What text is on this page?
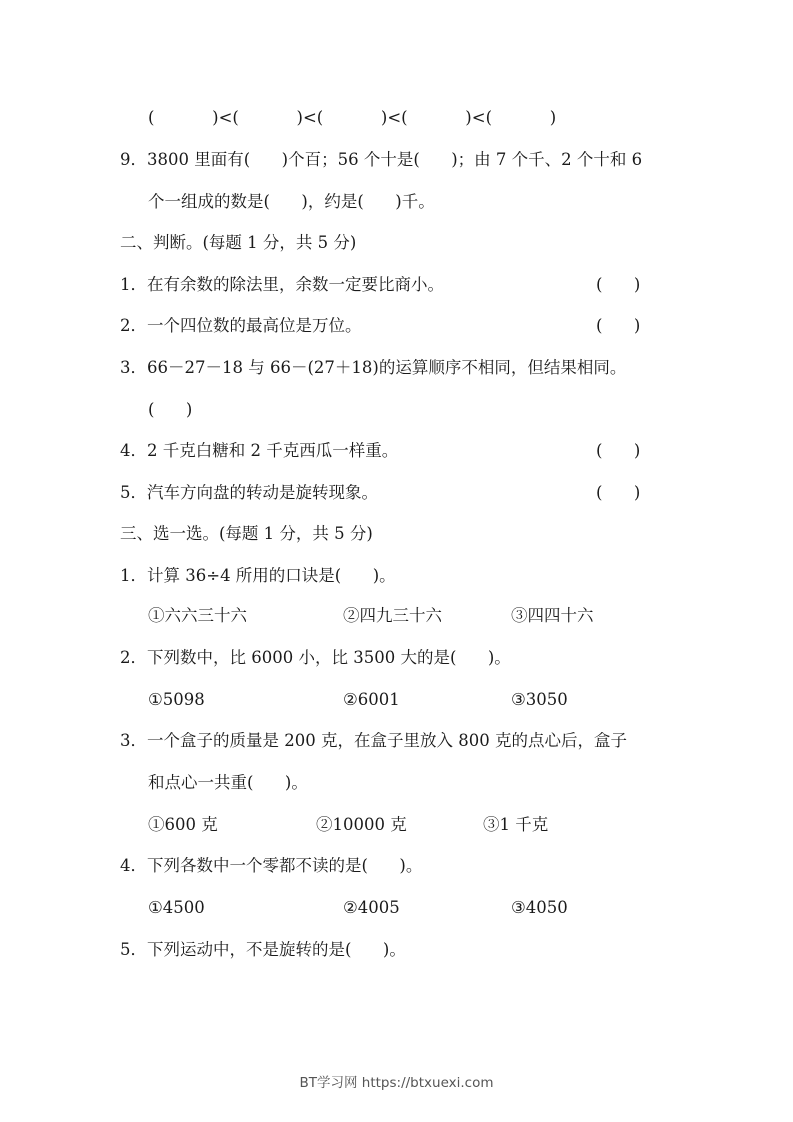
(           )<(           )<(           )<(           )<(           )
9．3800 里面有(      )个百；56 个十是(      )；由 7 个千、2 个十和 6
个一组成的数是(      )，约是(      )千。
二、判断。(每题 1 分，共 5 分)
1．在有余数的除法里，余数一定要比商小。	(      )
2．一个四位数的最高位是万位。	(      )
3．66－27－18 与 66－(27＋18)的运算顺序不相同，但结果相同。
(      )
4．2 千克白糖和 2 千克西瓜一样重。	(      )
5．汽车方向盘的转动是旋转现象。	(      )
三、选一选。(每题 1 分，共 5 分)
1．计算 36÷4 所用的口诀是(      )。
①六六三十六	②四九三十六	③四四十六
2．下列数中，比 6000 小，比 3500 大的是(      )。
①5098	②6001	③3050
3．一个盒子的质量是 200 克，在盒子里放入 800 克的点心后，盒子
和点心一共重(      )。
①600 克	②10000 克	③1 千克
4．下列各数中一个零都不读的是(      )。
①4500	②4005	③4050
5．下列运动中，不是旋转的是(      )。
BT学习网 https://btxuexi.com
